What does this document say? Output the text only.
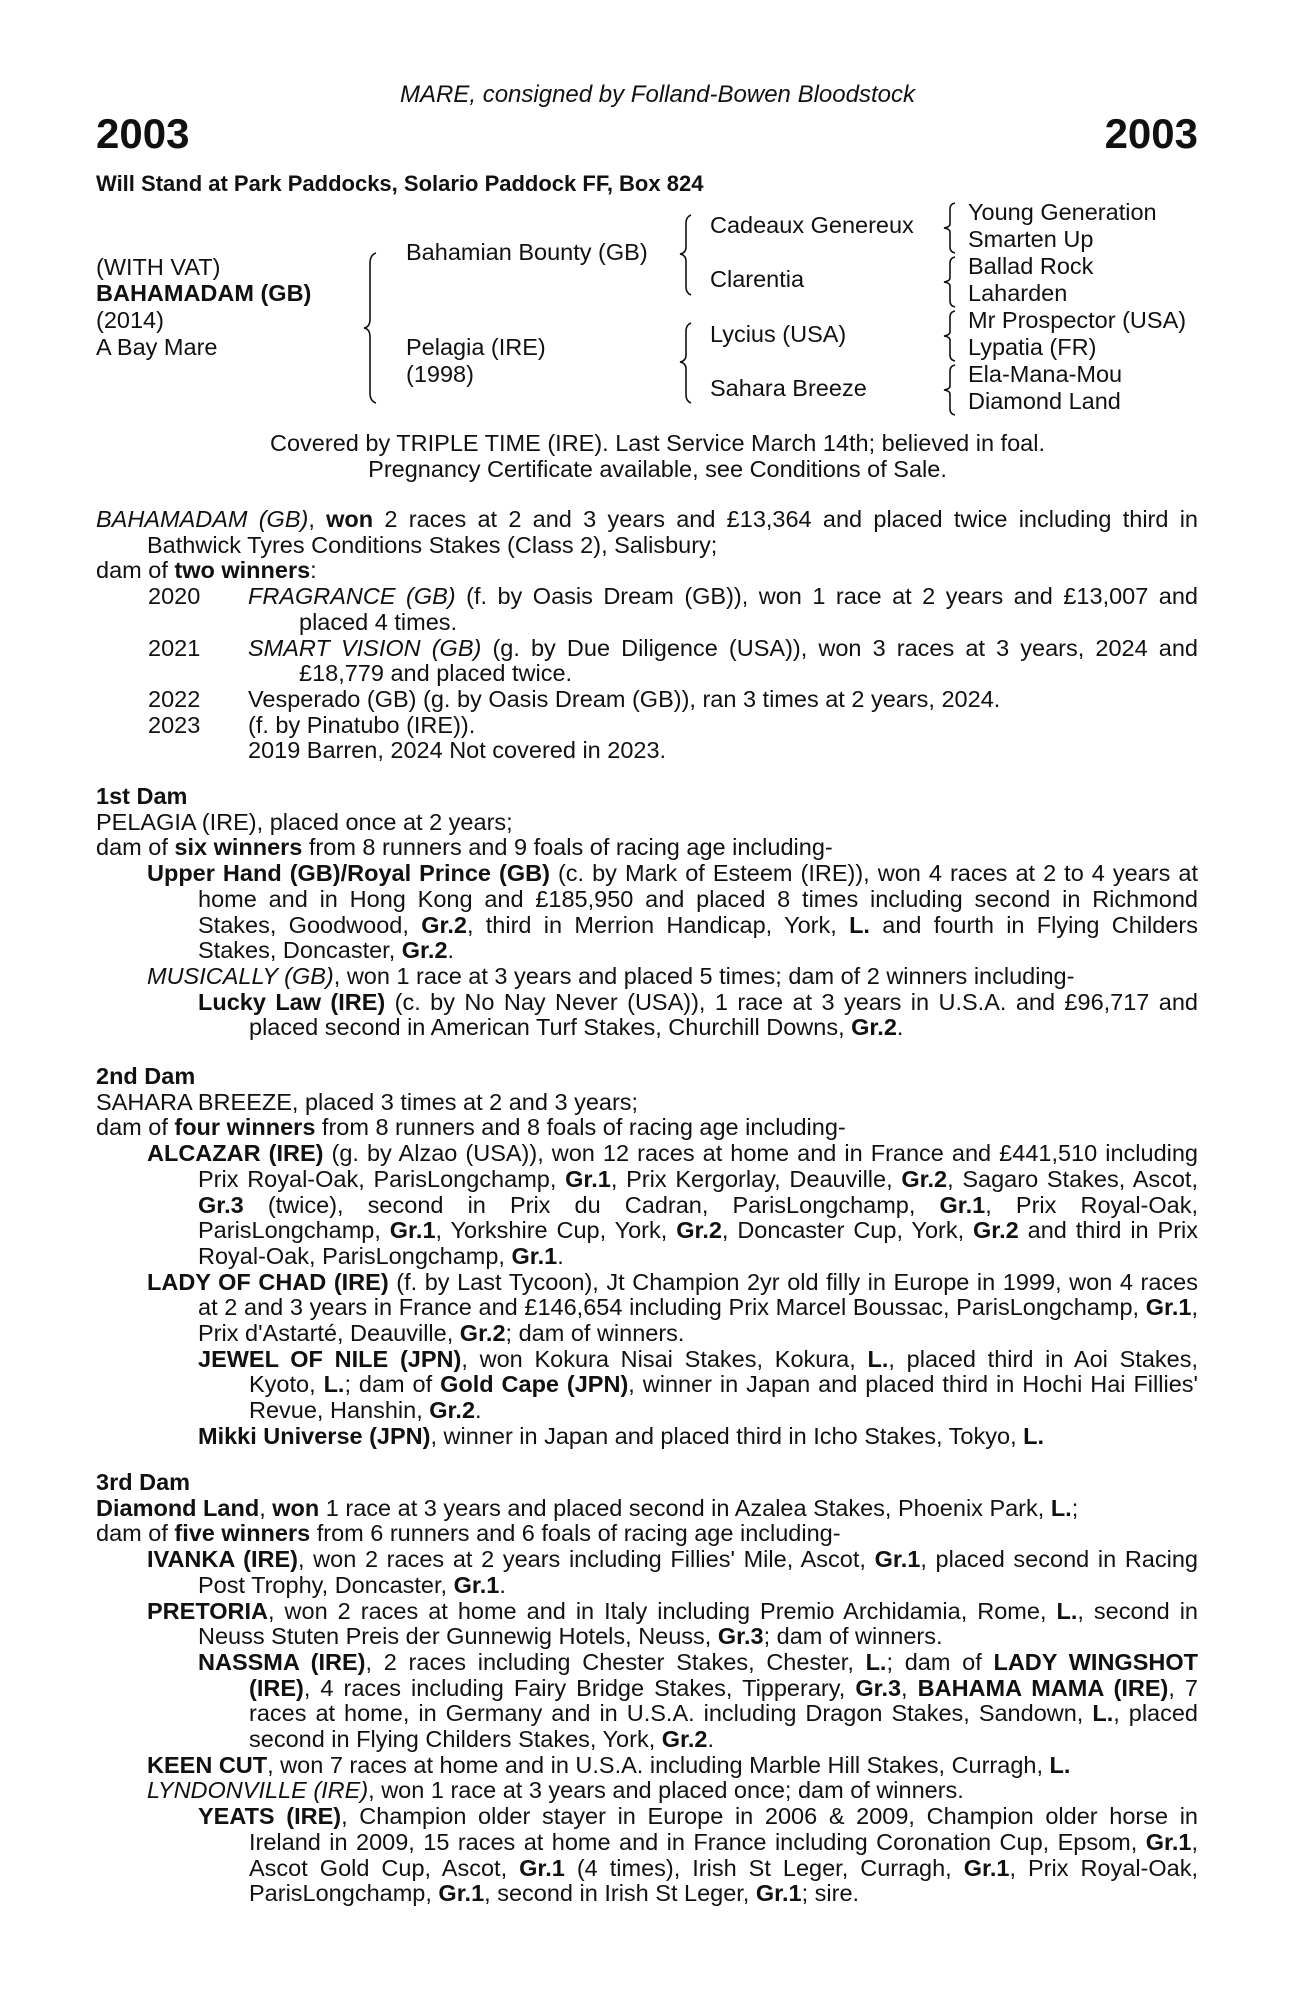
MARE, consigned by Folland-Bowen Bloodstock
2003	2003
Will Stand at Park Paddocks, Solario Paddock FF, Box 824
(WITH VAT)
BAHAMADAM (GB)
(2014)
A Bay Mare
Bahamian Bounty (GB)
Pelagia (IRE)
(1998)
Cadeaux Genereux
Clarentia
Lycius (USA)
Sahara Breeze
Young Generation
Smarten Up
Ballad Rock
Laharden
Mr Prospector (USA)
Lypatia (FR)
Ela-Mana-Mou
Diamond Land
Covered by TRIPLE TIME (IRE). Last Service March 14th; believed in foal.
Pregnancy Certificate available, see Conditions of Sale.

BAHAMADAM (GB), won 2 races at 2 and 3 years and £13,364 and placed twice including third in Bathwick Tyres Conditions Stakes (Class 2), Salisbury;

dam of two winners:

2020 FRAGRANCE (GB) (f. by Oasis Dream (GB)), won 1 race at 2 years and £13,007 and placed 4 times.

2021 SMART VISION (GB) (g. by Due Diligence (USA)), won 3 races at 3 years, 2024 and £18,779 and placed twice.

2022 Vesperado (GB) (g. by Oasis Dream (GB)), ran 3 times at 2 years, 2024.

2023 (f. by Pinatubo (IRE)).

2019 Barren, 2024 Not covered in 2023.

1st Dam

PELAGIA (IRE), placed once at 2 years;

dam of six winners from 8 runners and 9 foals of racing age including-

Upper Hand (GB)/Royal Prince (GB) (c. by Mark of Esteem (IRE)), won 4 races at 2 to 4 years at home and in Hong Kong and £185,950 and placed 8 times including second in Richmond Stakes, Goodwood, Gr.2, third in Merrion Handicap, York, L. and fourth in Flying Childers Stakes, Doncaster, Gr.2.

MUSICALLY (GB), won 1 race at 3 years and placed 5 times; dam of 2 winners including-

Lucky Law (IRE) (c. by No Nay Never (USA)), 1 race at 3 years in U.S.A. and £96,717 and placed second in American Turf Stakes, Churchill Downs, Gr.2.

2nd Dam

SAHARA BREEZE, placed 3 times at 2 and 3 years;

dam of four winners from 8 runners and 8 foals of racing age including-

ALCAZAR (IRE) (g. by Alzao (USA)), won 12 races at home and in France and £441,510 including Prix Royal-Oak, ParisLongchamp, Gr.1, Prix Kergorlay, Deauville, Gr.2, Sagaro Stakes, Ascot, Gr.3 (twice), second in Prix du Cadran, ParisLongchamp, Gr.1, Prix Royal-Oak, ParisLongchamp, Gr.1, Yorkshire Cup, York, Gr.2, Doncaster Cup, York, Gr.2 and third in Prix Royal-Oak, ParisLongchamp, Gr.1.

LADY OF CHAD (IRE) (f. by Last Tycoon), Jt Champion 2yr old filly in Europe in 1999, won 4 races at 2 and 3 years in France and £146,654 including Prix Marcel Boussac, ParisLongchamp, Gr.1, Prix d'Astarté, Deauville, Gr.2; dam of winners.

JEWEL OF NILE (JPN), won Kokura Nisai Stakes, Kokura, L., placed third in Aoi Stakes, Kyoto, L.; dam of Gold Cape (JPN), winner in Japan and placed third in Hochi Hai Fillies' Revue, Hanshin, Gr.2.

Mikki Universe (JPN), winner in Japan and placed third in Icho Stakes, Tokyo, L.

3rd Dam

Diamond Land, won 1 race at 3 years and placed second in Azalea Stakes, Phoenix Park, L.;

dam of five winners from 6 runners and 6 foals of racing age including-

IVANKA (IRE), won 2 races at 2 years including Fillies' Mile, Ascot, Gr.1, placed second in Racing Post Trophy, Doncaster, Gr.1.

PRETORIA, won 2 races at home and in Italy including Premio Archidamia, Rome, L., second in Neuss Stuten Preis der Gunnewig Hotels, Neuss, Gr.3; dam of winners.

NASSMA (IRE), 2 races including Chester Stakes, Chester, L.; dam of LADY WINGSHOT (IRE), 4 races including Fairy Bridge Stakes, Tipperary, Gr.3, BAHAMA MAMA (IRE), 7 races at home, in Germany and in U.S.A. including Dragon Stakes, Sandown, L., placed second in Flying Childers Stakes, York, Gr.2.

KEEN CUT, won 7 races at home and in U.S.A. including Marble Hill Stakes, Curragh, L.

LYNDONVILLE (IRE), won 1 race at 3 years and placed once; dam of winners.

YEATS (IRE), Champion older stayer in Europe in 2006 & 2009, Champion older horse in Ireland in 2009, 15 races at home and in France including Coronation Cup, Epsom, Gr.1, Ascot Gold Cup, Ascot, Gr.1 (4 times), Irish St Leger, Curragh, Gr.1, Prix Royal-Oak, ParisLongchamp, Gr.1, second in Irish St Leger, Gr.1; sire.
